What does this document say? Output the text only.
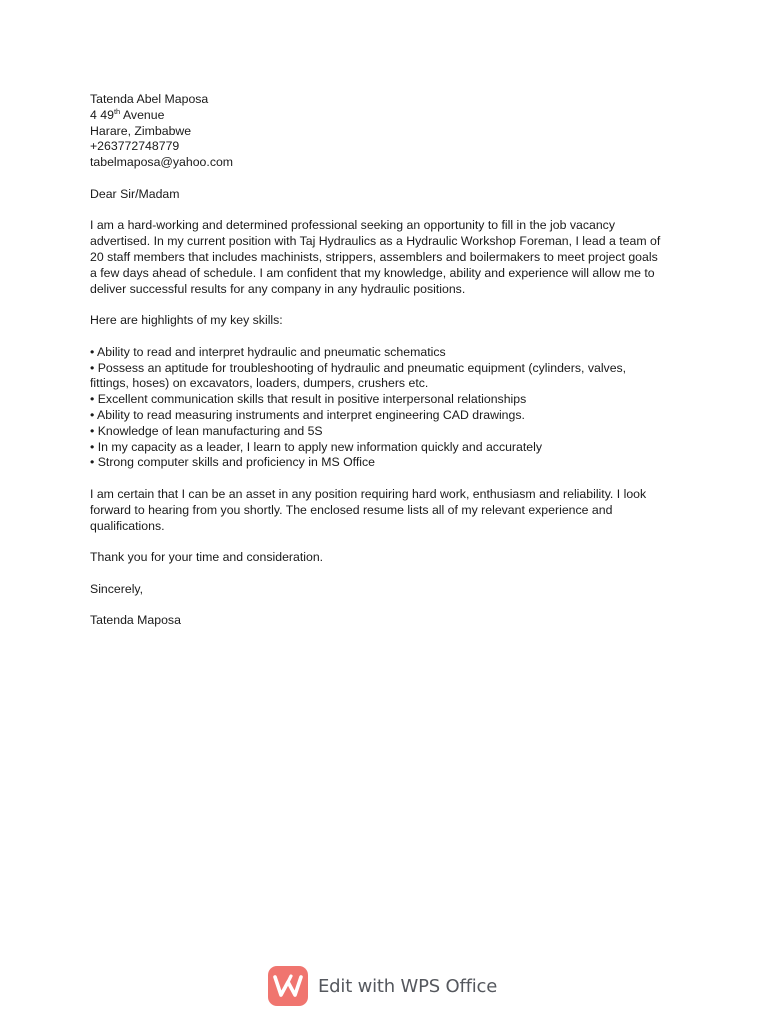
Tatenda Abel Maposa
4 49th Avenue
Harare, Zimbabwe
+263772748779
tabelmaposa@yahoo.com
Dear Sir/Madam
I am a hard-working and determined professional seeking an opportunity to fill in the job vacancy
advertised. In my current position with Taj Hydraulics as a Hydraulic Workshop Foreman, I lead a team of
20 staff members that includes machinists, strippers, assemblers and boilermakers to meet project goals
a few days ahead of schedule. I am confident that my knowledge, ability and experience will allow me to
deliver successful results for any company in any hydraulic positions.
Here are highlights of my key skills:
• Ability to read and interpret hydraulic and pneumatic schematics
• Possess an aptitude for troubleshooting of hydraulic and pneumatic equipment (cylinders, valves,
fittings, hoses) on excavators, loaders, dumpers, crushers etc.
• Excellent communication skills that result in positive interpersonal relationships
• Ability to read measuring instruments and interpret engineering CAD drawings.
• Knowledge of lean manufacturing and 5S
• In my capacity as a leader, I learn to apply new information quickly and accurately
• Strong computer skills and proficiency in MS Office
I am certain that I can be an asset in any position requiring hard work, enthusiasm and reliability. I look
forward to hearing from you shortly. The enclosed resume lists all of my relevant experience and
qualifications.
Thank you for your time and consideration.
Sincerely,
Tatenda Maposa
Edit with WPS Office
